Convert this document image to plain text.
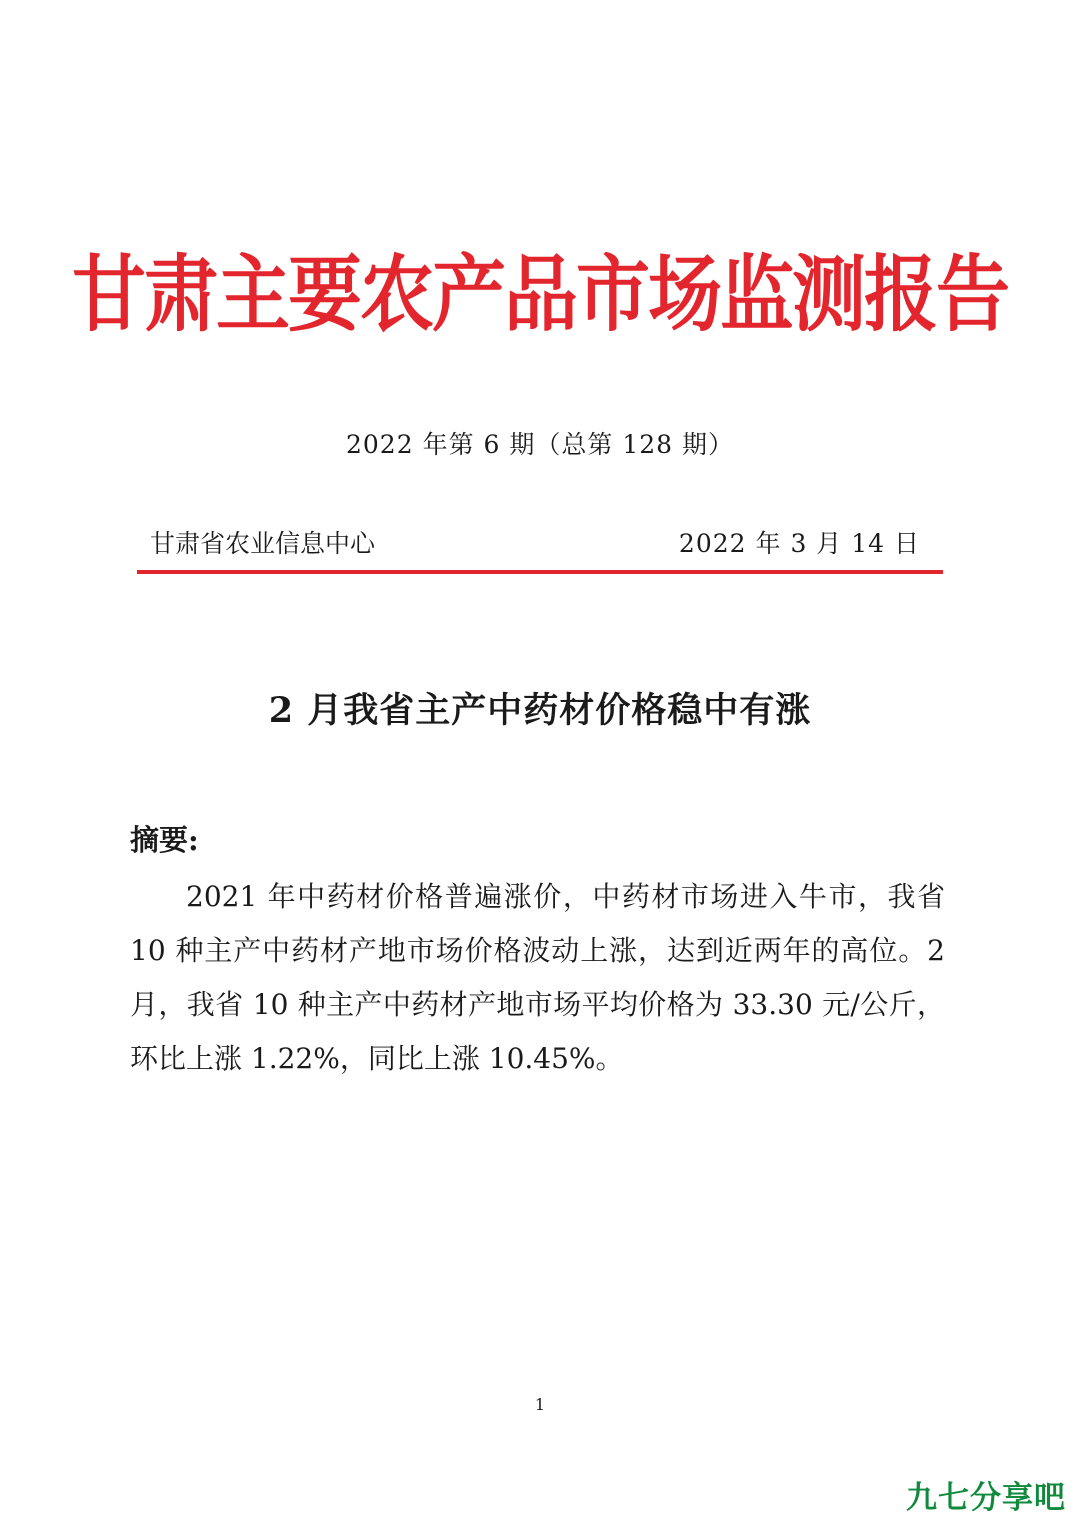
甘肃主要农产品市场监测报告
2022 年第 6 期（总第 128 期）
甘肃省农业信息中心	2022 年 3 月 14 日
2 月我省主产中药材价格稳中有涨
摘要:
2021 年中药材价格普遍涨价，中药材市场进入牛市，我省 10 种主产中药材产地市场价格波动上涨，达到近两年的高位。2 月，我省 10 种主产中药材产地市场平均价格为 33.30 元/公斤，环比上涨 1.22%，同比上涨 10.45%。
1
九七分享吧
